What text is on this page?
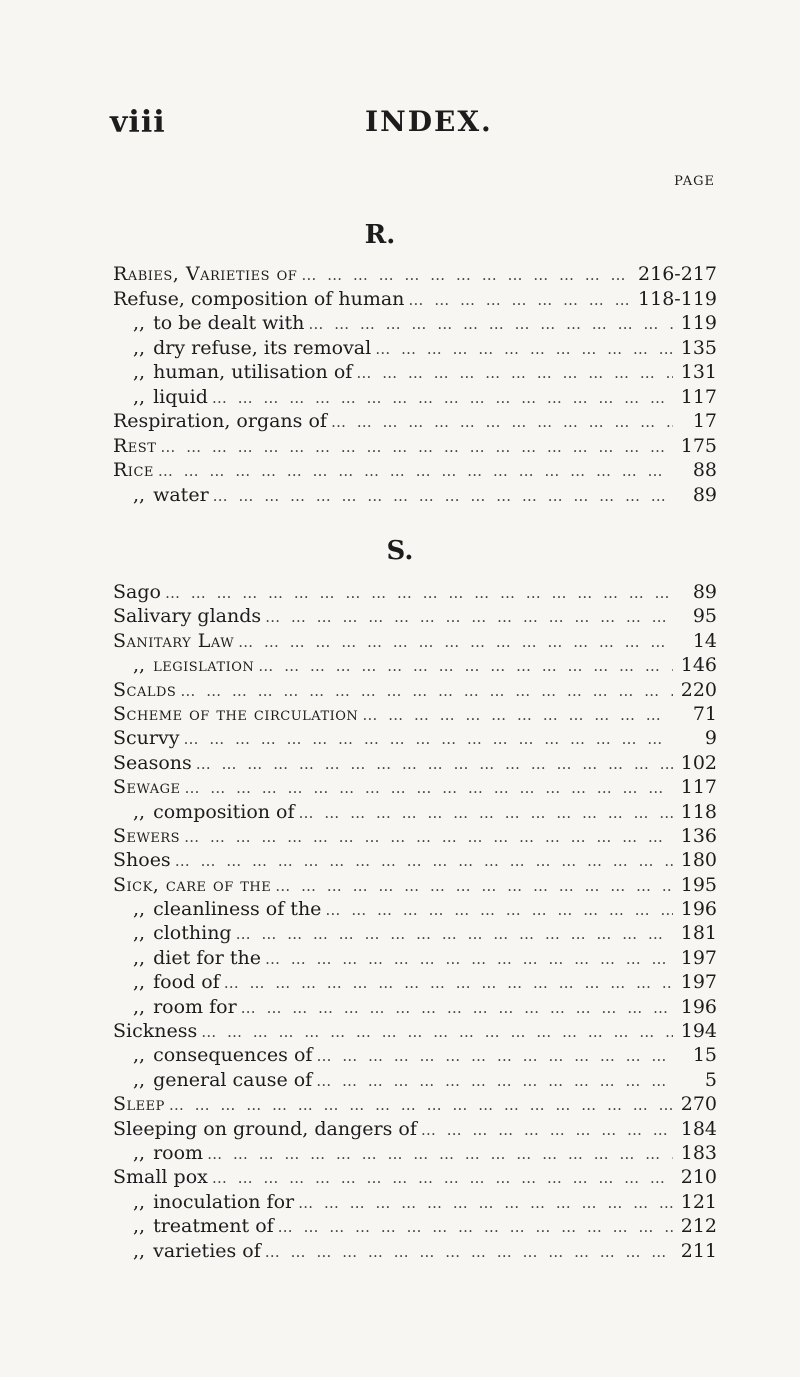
viii	INDEX.
PAGE
R.
Rabies, Varieties of … … … … … … … … … … … … … … … … … … … … … … … … … … … … … …	216-217
Refuse, composition of human … … … … … … … … … … … … … … … … … … … … … … … … … … … … … …	118-119
,, to be dealt with … … … … … … … … … … … … … … … … … … … … … … … … … … … … … …	119
,, dry refuse, its removal … … … … … … … … … … … … … … … … … … … … … … … … … … … … … …	135
,, human, utilisation of … … … … … … … … … … … … … … … … … … … … … … … … … … … … … …	131
,, liquid … … … … … … … … … … … … … … … … … … … … … … … … … … … … … …	117
Respiration, organs of … … … … … … … … … … … … … … … … … … … … … … … … … … … … … …	17
Rest … … … … … … … … … … … … … … … … … … … … … … … … … … … … … …	175
Rice … … … … … … … … … … … … … … … … … … … … … … … … … … … … … …	88
,, water … … … … … … … … … … … … … … … … … … … … … … … … … … … … … …	89
S.
Sago … … … … … … … … … … … … … … … … … … … … … … … … … … … … … …	89
Salivary glands … … … … … … … … … … … … … … … … … … … … … … … … … … … … … …	95
Sanitary Law … … … … … … … … … … … … … … … … … … … … … … … … … … … … … …	14
,, legislation … … … … … … … … … … … … … … … … … … … … … … … … … … … … … …	146
Scalds … … … … … … … … … … … … … … … … … … … … … … … … … … … … … …	220
Scheme of the circulation … … … … … … … … … … … … … … … … … … … … … … … … … … … … … …	71
Scurvy … … … … … … … … … … … … … … … … … … … … … … … … … … … … … …	9
Seasons … … … … … … … … … … … … … … … … … … … … … … … … … … … … … …	102
Sewage … … … … … … … … … … … … … … … … … … … … … … … … … … … … … …	117
,, composition of … … … … … … … … … … … … … … … … … … … … … … … … … … … … … …	118
Sewers … … … … … … … … … … … … … … … … … … … … … … … … … … … … … …	136
Shoes … … … … … … … … … … … … … … … … … … … … … … … … … … … … … …	180
Sick, care of the … … … … … … … … … … … … … … … … … … … … … … … … … … … … … …	195
,, cleanliness of the … … … … … … … … … … … … … … … … … … … … … … … … … … … … … …	196
,, clothing … … … … … … … … … … … … … … … … … … … … … … … … … … … … … …	181
,, diet for the … … … … … … … … … … … … … … … … … … … … … … … … … … … … … …	197
,, food of … … … … … … … … … … … … … … … … … … … … … … … … … … … … … …	197
,, room for … … … … … … … … … … … … … … … … … … … … … … … … … … … … … …	196
Sickness … … … … … … … … … … … … … … … … … … … … … … … … … … … … … …	194
,, consequences of … … … … … … … … … … … … … … … … … … … … … … … … … … … … … …	15
,, general cause of … … … … … … … … … … … … … … … … … … … … … … … … … … … … … …	5
Sleep … … … … … … … … … … … … … … … … … … … … … … … … … … … … … …	270
Sleeping on ground, dangers of … … … … … … … … … … … … … … … … … … … … … … … … … … … … … …	184
,, room … … … … … … … … … … … … … … … … … … … … … … … … … … … … … …	183
Small pox … … … … … … … … … … … … … … … … … … … … … … … … … … … … … …	210
,, inoculation for … … … … … … … … … … … … … … … … … … … … … … … … … … … … … …	121
,, treatment of … … … … … … … … … … … … … … … … … … … … … … … … … … … … … …	212
,, varieties of … … … … … … … … … … … … … … … … … … … … … … … … … … … … … …	211
